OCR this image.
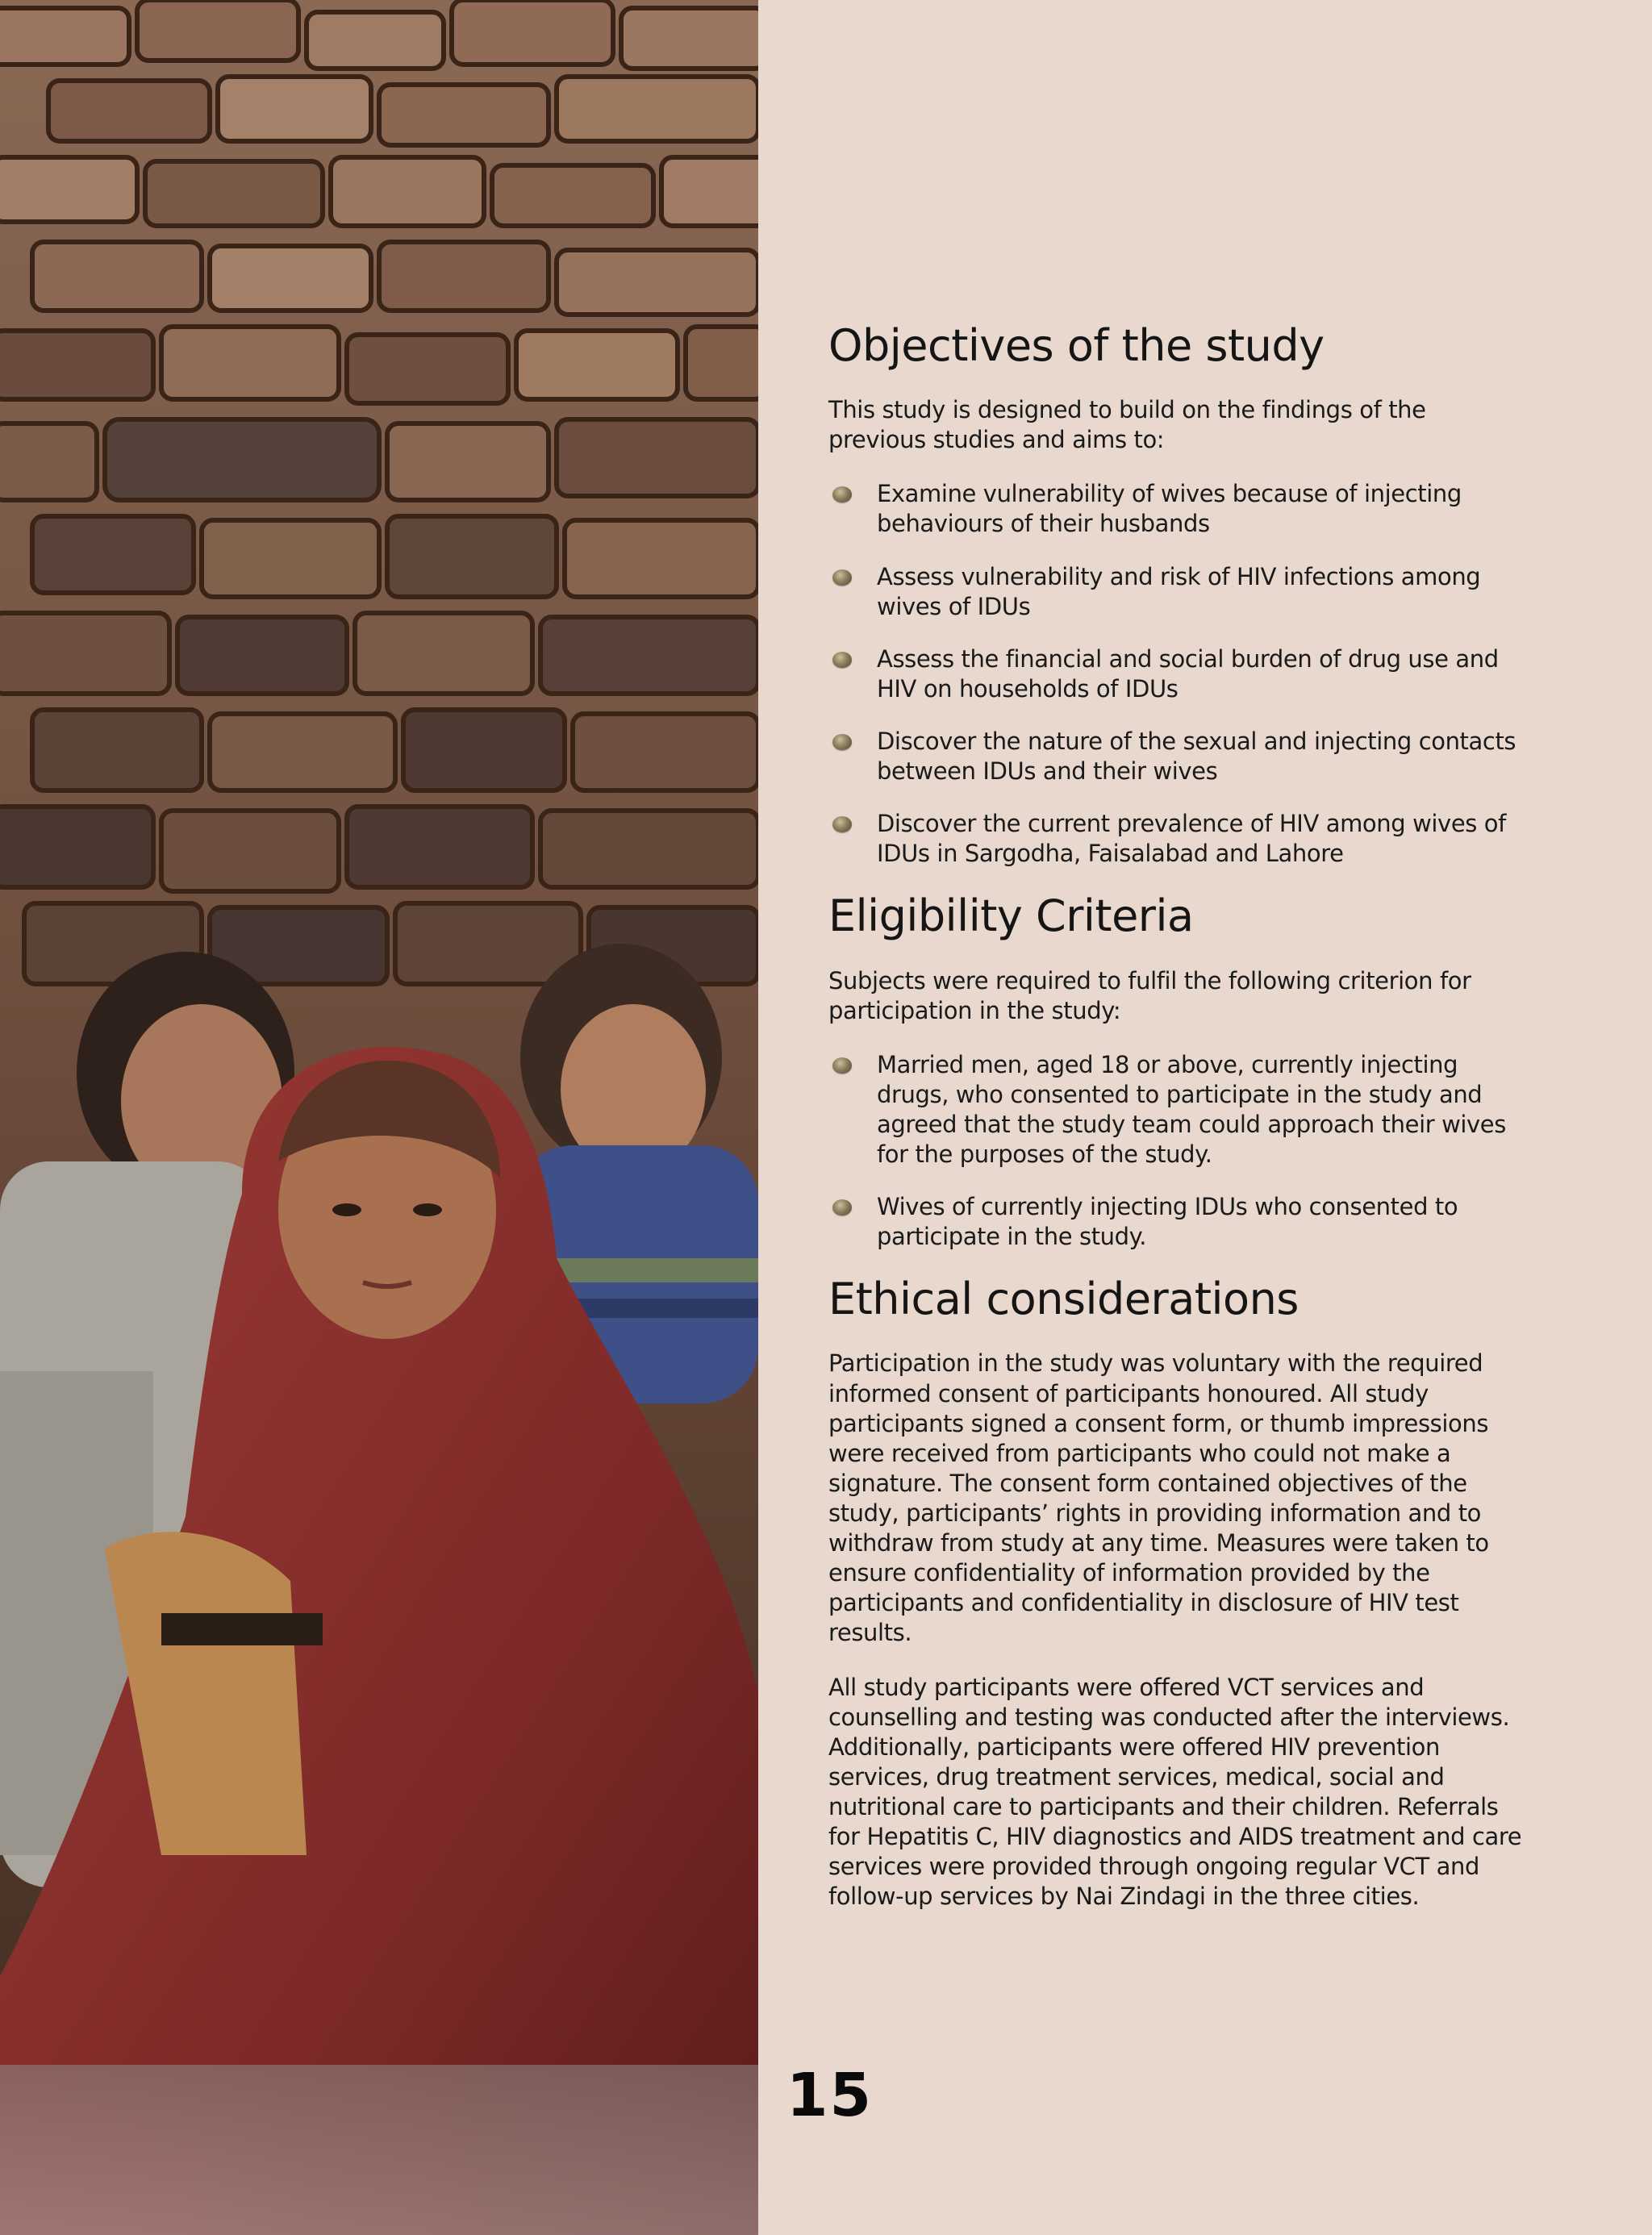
Objectives of the study

This study is designed to build on the findings of the previous studies and aims to:

Examine vulnerability of wives because of injecting behaviours of their husbands
Assess vulnerability and risk of HIV infections among wives of IDUs
Assess the financial and social burden of drug use and HIV on households of IDUs
Discover the nature of the sexual and injecting contacts between IDUs and their wives
Discover the current prevalence of HIV among wives of IDUs in Sargodha, Faisalabad and Lahore
Eligibility Criteria

Subjects were required to fulfil the following criterion for participation in the study:

Married men, aged 18 or above, currently injecting drugs, who consented to participate in the study and agreed that the study team could approach their wives for the purposes of the study.
Wives of currently injecting IDUs who consented to participate in the study.
Ethical considerations

Participation in the study was voluntary with the required informed consent of participants honoured. All study participants signed a consent form, or thumb impressions were received from participants who could not make a signature. The consent form contained objectives of the study, participants’ rights in providing information and to withdraw from study at any time. Measures were taken to ensure confidentiality of information provided by the participants and confidentiality in disclosure of HIV test results.

All study participants were offered VCT services and counselling and testing was conducted after the interviews. Additionally, participants were offered HIV prevention services, drug treatment services, medical, social and nutritional care to participants and their children. Referrals for Hepatitis C, HIV diagnostics and AIDS treatment and care services were provided through ongoing regular VCT and follow-up services by Nai Zindagi in the three cities.

15
